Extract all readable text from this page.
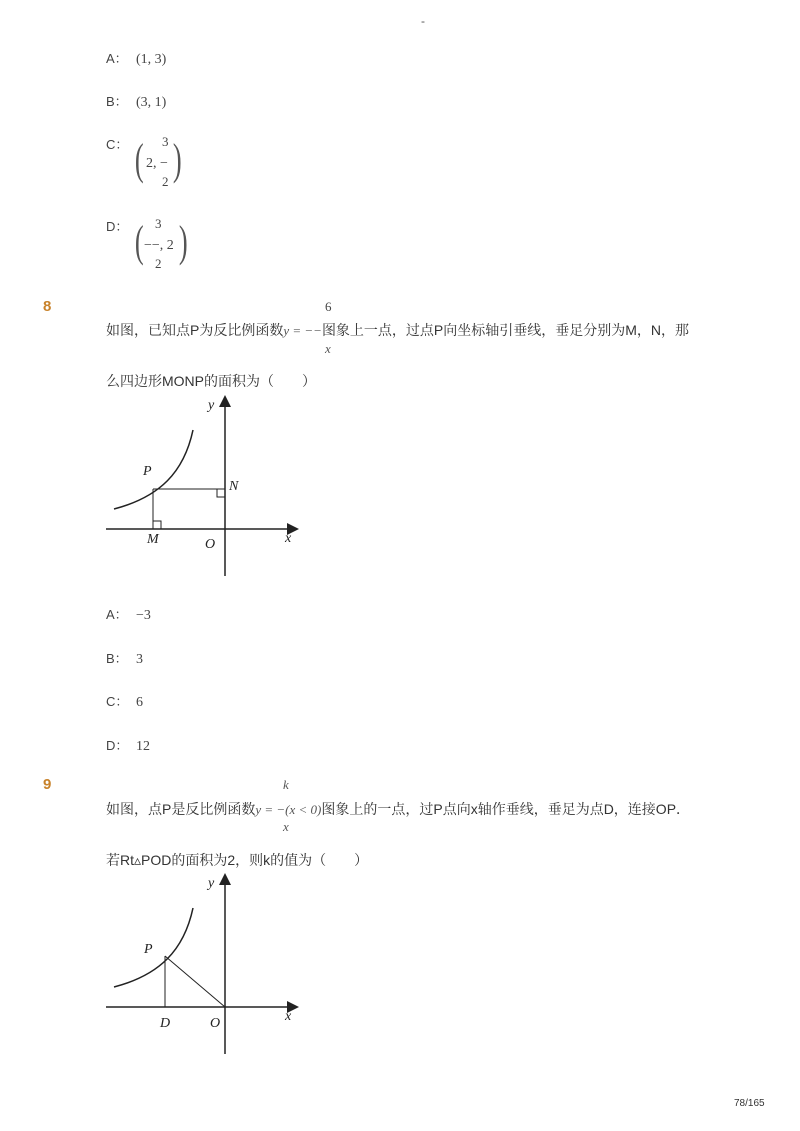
-
A： (1, 3)
B： (3, 1)
C： ( 3
2, −
2 )
D： ( 3
−−, 2
2 )
8	6
如图，已知点P为反比例函数y = −−图象上一点，过点P向坐标轴引垂线，垂足分别为M，N，那
x
么四边形MONP的面积为（　　）
y
x
P
N
M	O
A： −3
B： 3
C： 6
D： 12
9	k
如图，点P是反比例函数y = −(x < 0)图象上的一点，过P点向x轴作垂线，垂足为点D，连接OP．
x
若Rt▵POD的面积为2，则k的值为（　　）
y
x
P
D	O
78/165
